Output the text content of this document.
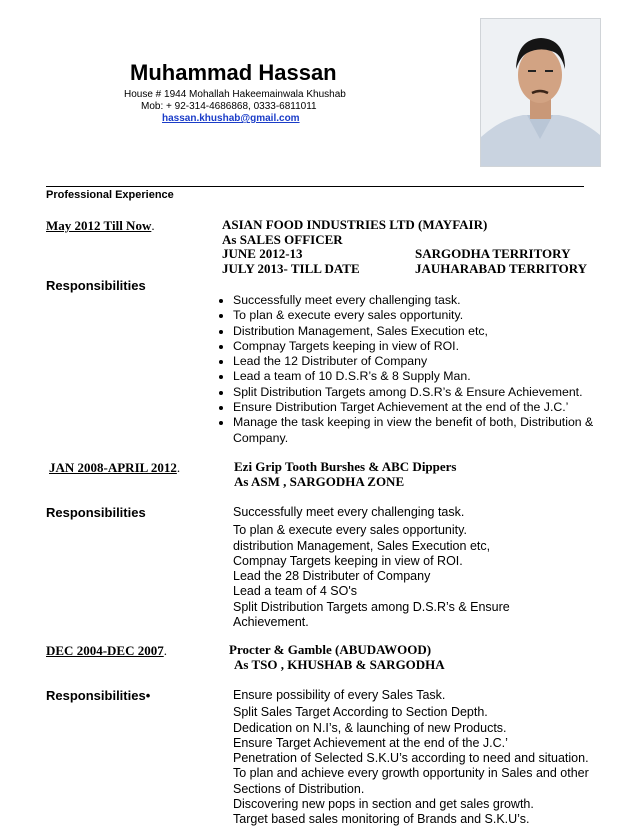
Muhammad Hassan
House # 1944 Mohallah Hakeemainwala Khushab
Mob: + 92-314-4686868, 0333-6811011
hassan.khushab@gmail.com
Professional Experience
May 2012 Till Now.	ASIAN FOOD INDUSTRIES LTD (MAYFAIR)
As SALES OFFICER
JUNE 2012-13	SARGODHA TERRITORY
JULY 2013- TILL DATE	JAUHARABAD TERRITORY
Responsibilities
• Successfully meet every challenging task.
• To plan & execute every sales opportunity.
• Distribution Management, Sales Execution etc,
• Compnay Targets keeping in view of ROI.
• Lead the 12 Distributer of Company
• Lead a team of 10 D.S.R’s & 8 Supply Man.
• Split Distribution Targets among D.S.R’s & Ensure Achievement.
• Ensure Distribution Target Achievement at the end of the J.C.’
• Manage the task keeping in view the benefit of both, Distribution & Company.
JAN 2008-APRIL 2012.	Ezi Grip Tooth Burshes & ABC Dippers
As ASM , SARGODHA ZONE
Responsibilities	Successfully meet every challenging task.
To plan & execute every sales opportunity.
distribution Management, Sales Execution etc,
Compnay Targets keeping in view of ROI.
Lead the 28 Distributer of Company
Lead a team of 4 SO's
Split Distribution Targets among D.S.R’s & Ensure
Achievement.
DEC 2004-DEC 2007.	Procter & Gamble (ABUDAWOOD)
As TSO , KHUSHAB & SARGODHA
Responsibilities•	Ensure possibility of every Sales Task.
Split Sales Target According to Section Depth.
Dedication on N.I’s, & launching of new Products.
Ensure Target Achievement at the end of the J.C.’
Penetration of Selected S.K.U’s according to need and situation.
To plan and achieve every growth opportunity in Sales and other
Sections of Distribution.
Discovering new pops in section and get sales growth.
Target based sales monitoring of Brands and S.K.U’s.
